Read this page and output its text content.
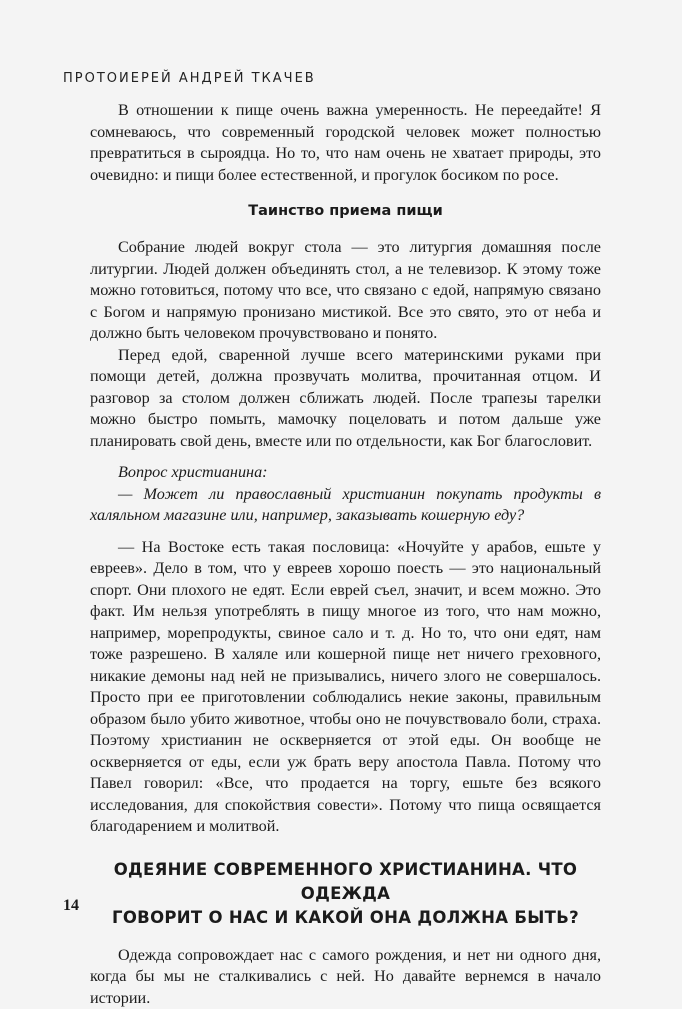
ПРОТОИЕРЕЙ АНДРЕЙ ТКАЧЕВ

В отношении к пище очень важна умеренность. Не переедайте! Я сомневаюсь, что современный городской человек может полностью превратиться в сыроядца. Но то, что нам очень не хватает природы, это очевидно: и пищи более естественной, и прогулок босиком по росе.

Таинство приема пищи

Собрание людей вокруг стола — это литургия домашняя после литургии. Людей должен объединять стол, а не телевизор. К этому тоже можно готовиться, потому что все, что связано с едой, напрямую связано с Богом и напрямую пронизано мистикой. Все это свято, это от неба и должно быть человеком прочувствовано и понято.

Перед едой, сваренной лучше всего материнскими руками при помощи детей, должна прозвучать молитва, прочитанная отцом. И разговор за столом должен сближать людей. После трапезы тарелки можно быстро помыть, мамочку поцеловать и потом дальше уже планировать свой день, вместе или по отдельности, как Бог благословит.

Вопрос христианина:

— Может ли православный христианин покупать продукты в халяльном магазине или, например, заказывать кошерную еду?

— На Востоке есть такая пословица: «Ночуйте у арабов, ешьте у евреев». Дело в том, что у евреев хорошо поесть — это национальный спорт. Они плохого не едят. Если еврей съел, значит, и всем можно. Это факт. Им нельзя употреблять в пищу многое из того, что нам можно, например, морепродукты, свиное сало и т. д. Но то, что они едят, нам тоже разрешено. В халяле или кошерной пище нет ничего греховного, никакие демоны над ней не призывались, ничего злого не совершалось. Просто при ее приготовлении соблюдались некие законы, правильным образом было убито животное, чтобы оно не почувствовало боли, страха. Поэтому христианин не оскверняется от этой еды. Он вообще не оскверняется от еды, если уж брать веру апостола Павла. Потому что Павел говорил: «Все, что продается на торгу, ешьте без всякого исследования, для спокойствия совести». Потому что пища освящается благодарением и молитвой.

ОДЕЯНИЕ СОВРЕМЕННОГО ХРИСТИАНИНА. ЧТО ОДЕЖДА
ГОВОРИТ О НАС И КАКОЙ ОНА ДОЛЖНА БЫТЬ?

Одежда сопровождает нас с самого рождения, и нет ни одного дня, когда бы мы не сталкивались с ней. Но давайте вернемся в начало истории.

14
